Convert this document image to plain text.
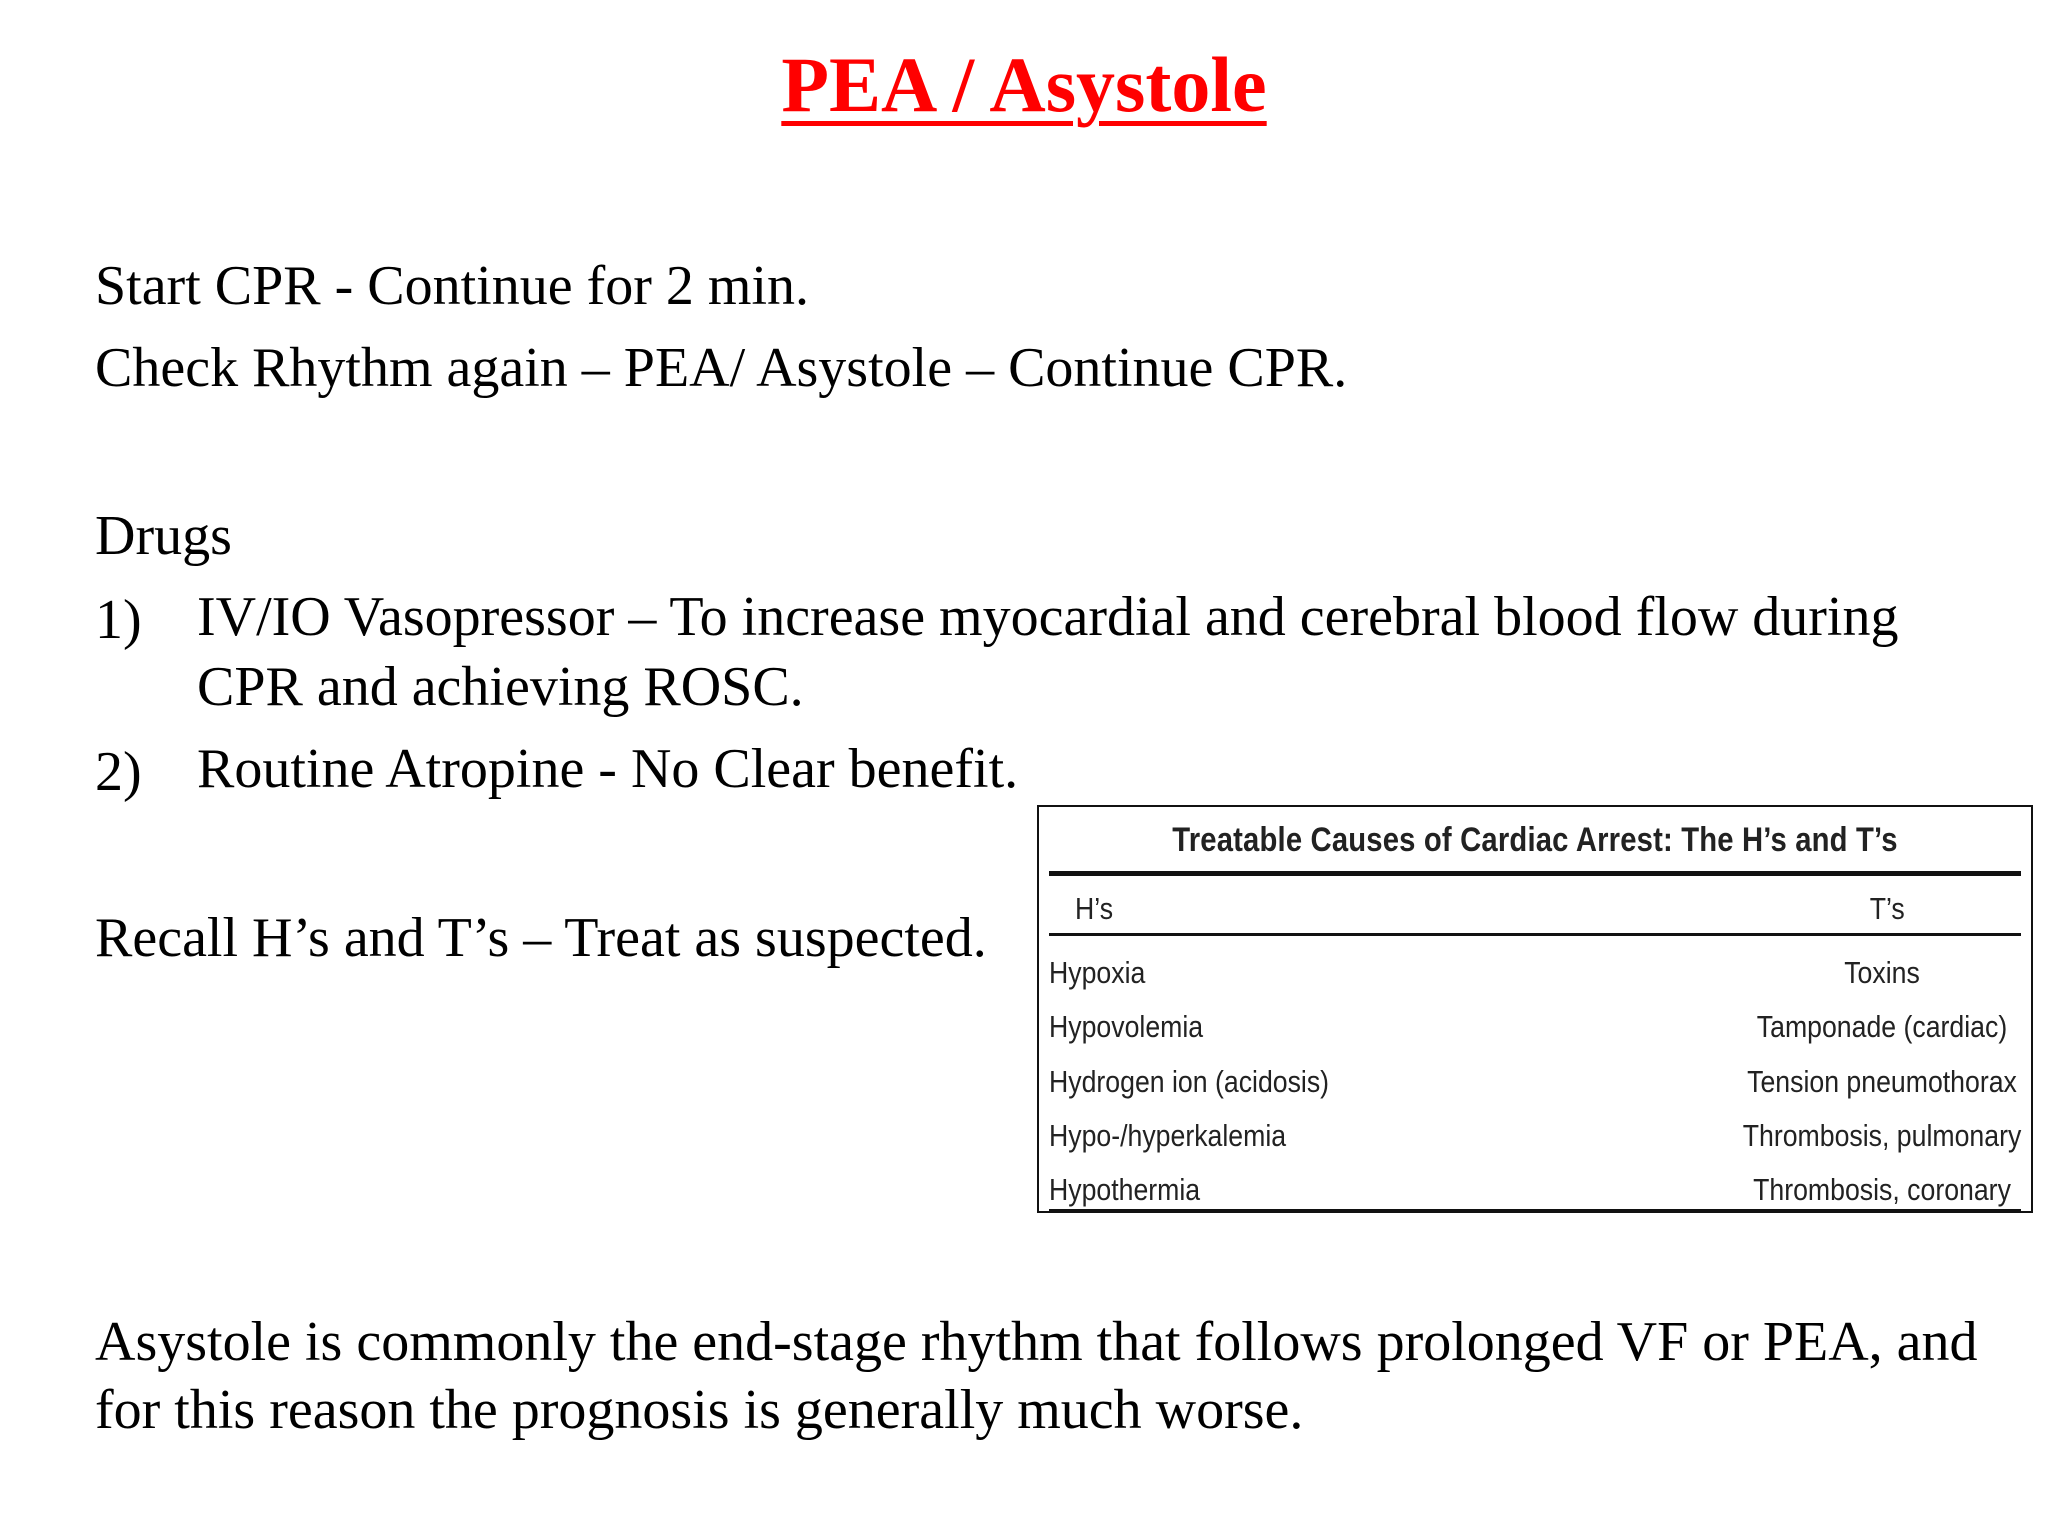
PEA / Asystole

Start CPR - Continue for 2 min.

Check Rhythm again – PEA/ Asystole – Continue CPR.

Drugs

1) IV/IO Vasopressor – To increase myocardial and cerebral blood flow during CPR and achieving ROSC.

2) Routine Atropine - No Clear benefit.

Recall H’s and T’s – Treat as suspected.

Treatable Causes of Cardiac Arrest: The H’s and T’s
H’s	T’s
Hypoxia	Toxins
Hypovolemia	Tamponade (cardiac)
Hydrogen ion (acidosis)	Tension pneumothorax
Hypo-/hyperkalemia	Thrombosis, pulmonary
Hypothermia	Thrombosis, coronary

Asystole is commonly the end-stage rhythm that follows prolonged VF or PEA, and for this reason the prognosis is generally much worse.
